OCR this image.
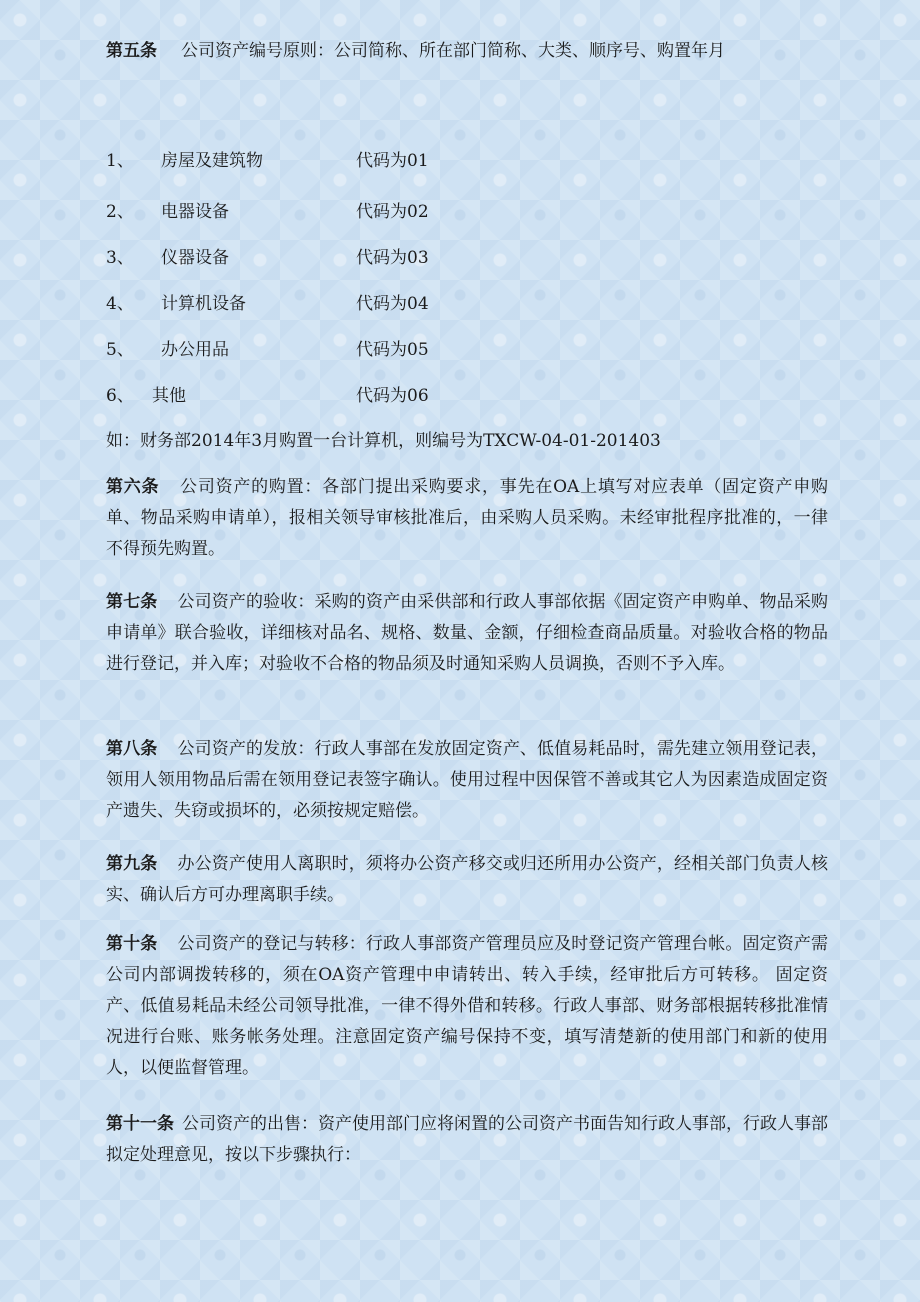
第五条 公司资产编号原则：公司简称、所在部门简称、大类、顺序号、购置年月

1、 房屋及建筑物	代码为01
2、 电器设备	代码为02
3、 仪器设备	代码为03
4、 计算机设备	代码为04
5、 办公用品	代码为05
6、 其他	代码为06

如：财务部2014年3月购置一台计算机，则编号为TXCW-04-01-201403

第六条 公司资产的购置：各部门提出采购要求，事先在OA上填写对应表单（固定资产申购单、物品采购申请单），报相关领导审核批准后，由采购人员采购。未经审批程序批准的，一律不得预先购置。

第七条 公司资产的验收：采购的资产由采供部和行政人事部依据《固定资产申购单、物品采购申请单》联合验收，详细核对品名、规格、数量、金额，仔细检查商品质量。对验收合格的物品进行登记，并入库；对验收不合格的物品须及时通知采购人员调换，否则不予入库。

第八条 公司资产的发放：行政人事部在发放固定资产、低值易耗品时，需先建立领用登记表，领用人领用物品后需在领用登记表签字确认。使用过程中因保管不善或其它人为因素造成固定资产遗失、失窃或损坏的，必须按规定赔偿。

第九条 办公资产使用人离职时，须将办公资产移交或归还所用办公资产，经相关部门负责人核实、确认后方可办理离职手续。

第十条 公司资产的登记与转移：行政人事部资产管理员应及时登记资产管理台帐。固定资产需公司内部调拨转移的，须在OA资产管理中申请转出、转入手续，经审批后方可转移。 固定资产、低值易耗品未经公司领导批准，一律不得外借和转移。行政人事部、财务部根据转移批准情况进行台账、账务帐务处理。注意固定资产编号保持不变，填写清楚新的使用部门和新的使用人，以便监督管理。

第十一条 公司资产的出售：资产使用部门应将闲置的公司资产书面告知行政人事部，行政人事部拟定处理意见，按以下步骤执行：
